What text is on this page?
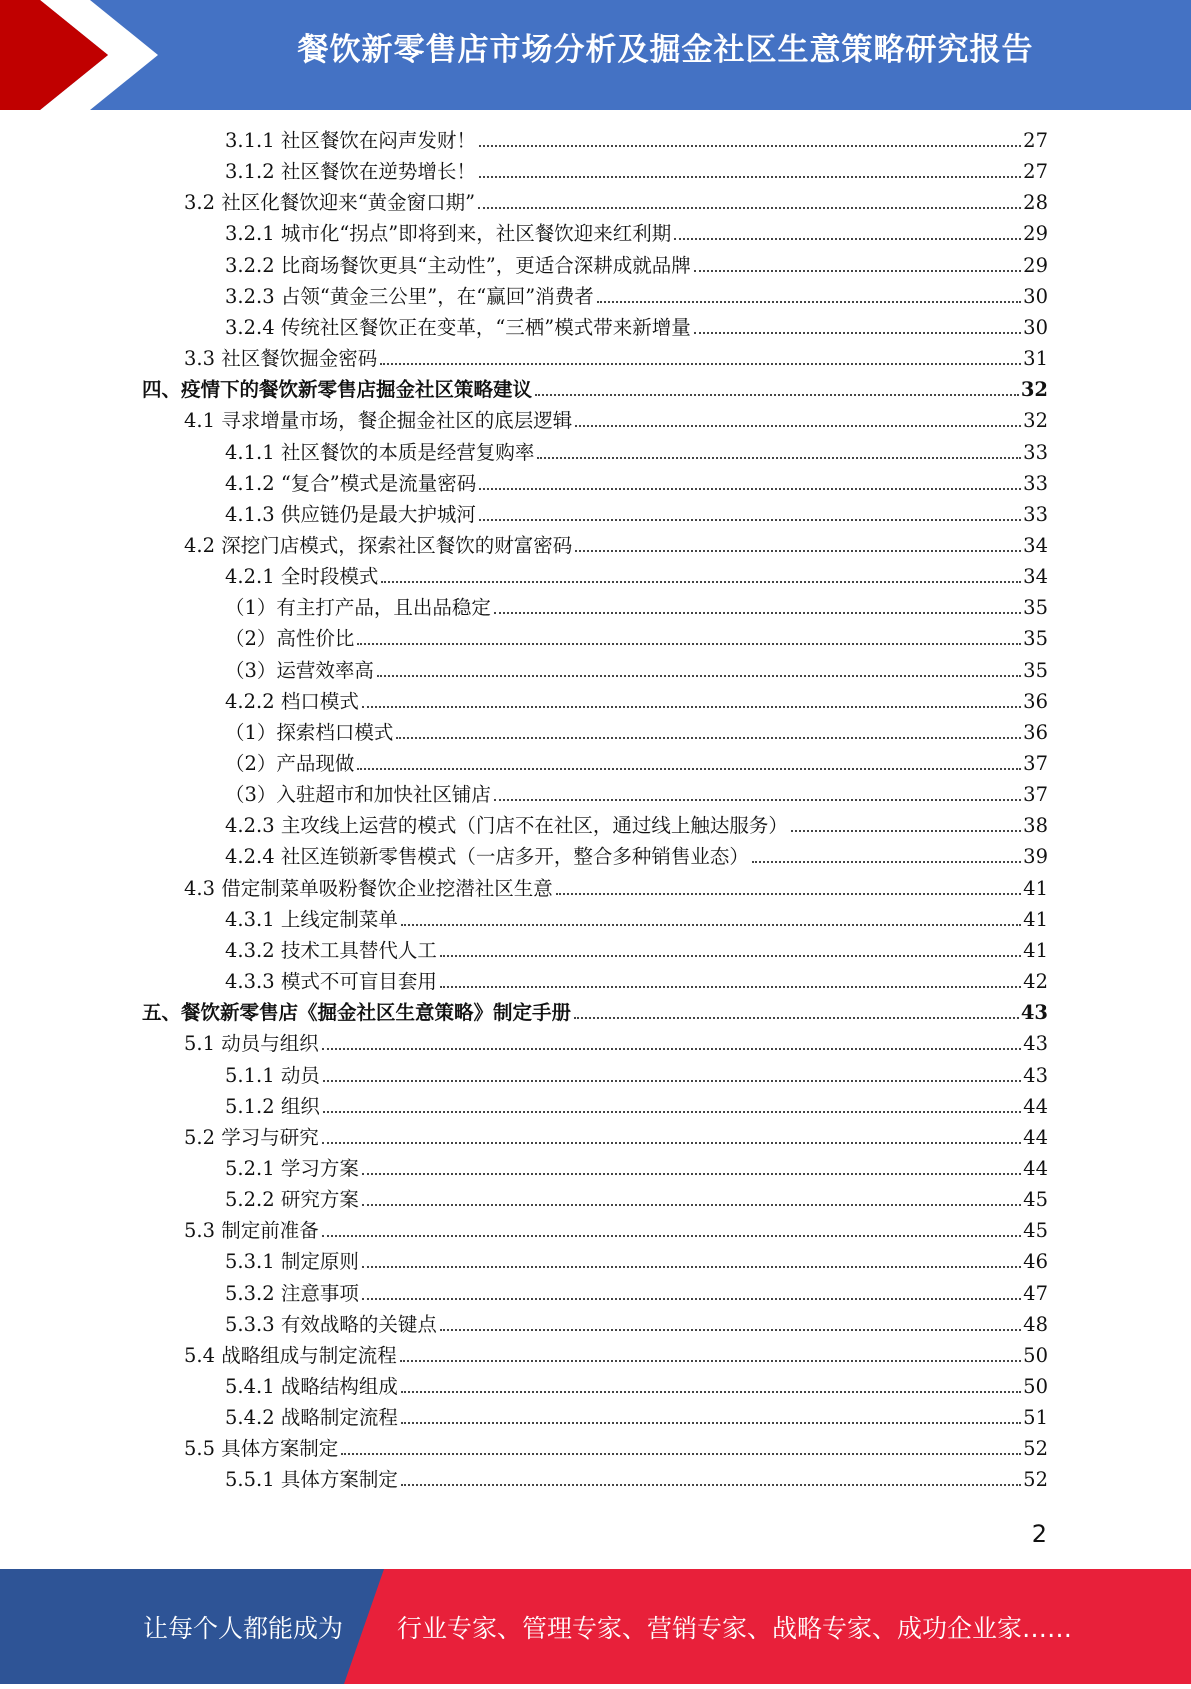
餐饮新零售店市场分析及掘金社区生意策略研究报告
3.1.1 社区餐饮在闷声发财！	27
3.1.2 社区餐饮在逆势增长！	27
3.2 社区化餐饮迎来“黄金窗口期”	28
3.2.1 城市化“拐点”即将到来，社区餐饮迎来红利期	29
3.2.2 比商场餐饮更具“主动性”，更适合深耕成就品牌	29
3.2.3 占领“黄金三公里”，在“赢回”消费者	30
3.2.4 传统社区餐饮正在变革，“三栖”模式带来新增量	30
3.3 社区餐饮掘金密码	31
四、疫情下的餐饮新零售店掘金社区策略建议	32
4.1 寻求增量市场，餐企掘金社区的底层逻辑	32
4.1.1 社区餐饮的本质是经营复购率	33
4.1.2 “复合”模式是流量密码	33
4.1.3 供应链仍是最大护城河	33
4.2 深挖门店模式，探索社区餐饮的财富密码	34
4.2.1 全时段模式	34
（1）有主打产品，且出品稳定	35
（2）高性价比	35
（3）运营效率高	35
4.2.2 档口模式	36
（1）探索档口模式	36
（2）产品现做	37
（3）入驻超市和加快社区铺店	37
4.2.3 主攻线上运营的模式（门店不在社区，通过线上触达服务）	38
4.2.4 社区连锁新零售模式（一店多开，整合多种销售业态）	39
4.3 借定制菜单吸粉餐饮企业挖潜社区生意	41
4.3.1 上线定制菜单	41
4.3.2 技术工具替代人工	41
4.3.3 模式不可盲目套用	42
五、餐饮新零售店《掘金社区生意策略》制定手册	43
5.1 动员与组织	43
5.1.1 动员	43
5.1.2 组织	44
5.2 学习与研究	44
5.2.1 学习方案	44
5.2.2 研究方案	45
5.3 制定前准备	45
5.3.1 制定原则	46
5.3.2 注意事项	47
5.3.3 有效战略的关键点	48
5.4 战略组成与制定流程	50
5.4.1 战略结构组成	50
5.4.2 战略制定流程	51
5.5 具体方案制定	52
5.5.1 具体方案制定	52
2
让每个人都能成为 行业专家、管理专家、营销专家、战略专家、成功企业家……
